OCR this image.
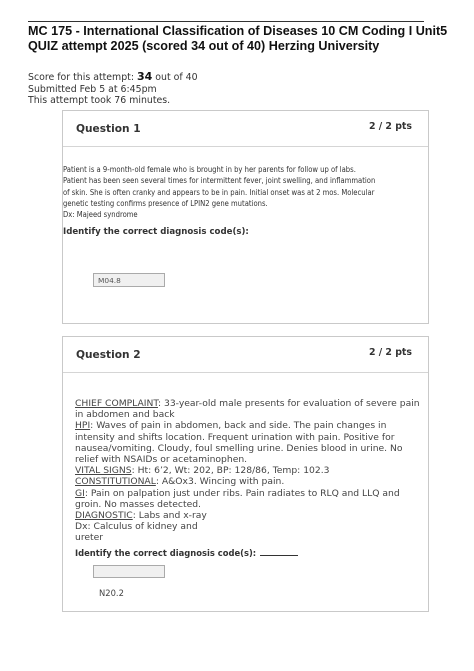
MC 175 - International Classification of Diseases 10 CM Coding I Unit5 QUIZ attempt 2025 (scored 34 out of 40) Herzing University
Score for this attempt: 34 out of 40
Submitted Feb 5 at 6:45pm
This attempt took 76 minutes.
Question 1	2 / 2 pts
Patient is a 9-month-old female who is brought in by her parents for follow up of labs.
Patient has been seen several times for intermittent fever, joint swelling, and inflammation
of skin. She is often cranky and appears to be in pain. Initial onset was at 2 mos. Molecular
genetic testing confirms presence of LPIN2 gene mutations.
Dx: Majeed syndrome
Identify the correct diagnosis code(s):
M04.8
Question 2	2 / 2 pts
CHIEF COMPLAINT: 33-year-old male presents for evaluation of severe pain in abdomen and back
HPI: Waves of pain in abdomen, back and side. The pain changes in intensity and shifts location. Frequent urination with pain. Positive for nausea/vomiting. Cloudy, foul smelling urine. Denies blood in urine. No relief with NSAIDs or acetaminophen.
VITAL SIGNS: Ht: 6’2, Wt: 202, BP: 128/86, Temp: 102.3
CONSTITUTIONAL: A&Ox3. Wincing with pain.
GI: Pain on palpation just under ribs. Pain radiates to RLQ and LLQ and groin. No masses detected.
DIAGNOSTIC: Labs and x-ray
Dx: Calculus of kidney and
ureter
Identify the correct diagnosis code(s):
N20.2
